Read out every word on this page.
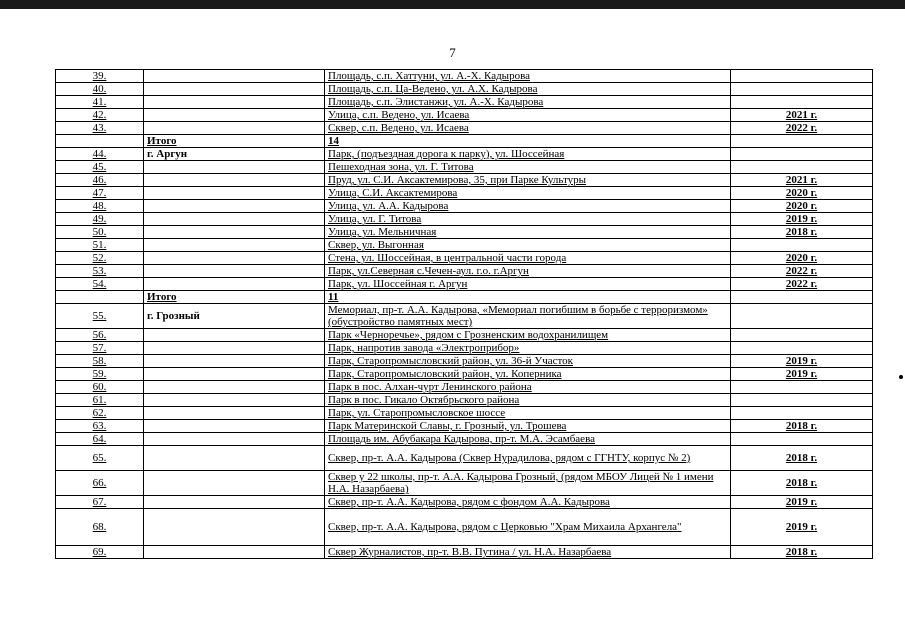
7
39.		Площадь, с.п. Хаттуни, ул. А.-Х. Кадырова	
40.		Площадь, с.п. Ца-Ведено, ул. А.Х. Кадырова	
41.		Площадь, с.п. Элистанжи, ул. А.-Х. Кадырова	
42.		Улица, с.п. Ведено, ул. Исаева	2021 г.
43.		Сквер, с.п. Ведено, ул. Исаева	2022 г.
	Итого	14	
44.	г. Аргун	Парк, (подъездная дорога к парку), ул. Шоссейная	
45.		Пешеходная зона, ул. Г. Титова	
46.		Пруд, ул. С.И. Аксактемирова, 35, при Парке Культуры	2021 г.
47.		Улица, С.И. Аксактемирова	2020 г.
48.		Улица, ул. А.А. Кадырова	2020 г.
49.		Улица, ул. Г. Титова	2019 г.
50.		Улица, ул. Мельничная	2018 г.
51.		Сквер, ул. Выгонная	
52.		Стена, ул. Шоссейная, в центральной части города	2020 г.
53.		Парк, ул.Северная с.Чечен-аул. г.о. г.Аргун	2022 г.
54.		Парк, ул. Шоссейная г. Аргун	2022 г.
	Итого	11	
55.	г. Грозный	Мемориал, пр-т. А.А. Кадырова, «Мемориал погибшим в борьбе с терроризмом» (обустройство памятных мест)	
56.		Парк «Черноречье», рядом с Грозненским водохранилищем	
57.		Парк, напротив завода «Электроприбор»	
58.		Парк, Старопромысловский район, ул. 36-й Участок	2019 г.
59.		Парк, Старопромысловский район, ул. Коперника	2019 г.
60.		Парк в пос. Алхан-чурт Ленинского района	
61.		Парк в пос. Гикало Октябрьского района	
62.		Парк, ул. Старопромысловское шоссе	
63.		Парк Материнской Славы, г. Грозный, ул. Трошева	2018 г.
64.		Площадь им. Абубакара Кадырова, пр-т. М.А. Эсамбаева	
65.		Сквер, пр-т. А.А. Кадырова (Сквер Нурадилова, рядом с ГГНТУ, корпус № 2)	2018 г.
66.		Сквер у 22 школы, пр-т. А.А. Кадырова Грозный, (рядом МБОУ Лицей № 1 имени Н.А. Назарбаева)	2018 г.
67.		Сквер, пр-т. А.А. Кадырова, рядом с фондом А.А. Кадырова	2019 г.
68.		Сквер, пр-т. А.А. Кадырова, рядом с Церковью "Храм Михаила Архангела"	2019 г.
69.		Сквер Журналистов, пр-т. В.В. Путина / ул. Н.А. Назарбаева	2018 г.
